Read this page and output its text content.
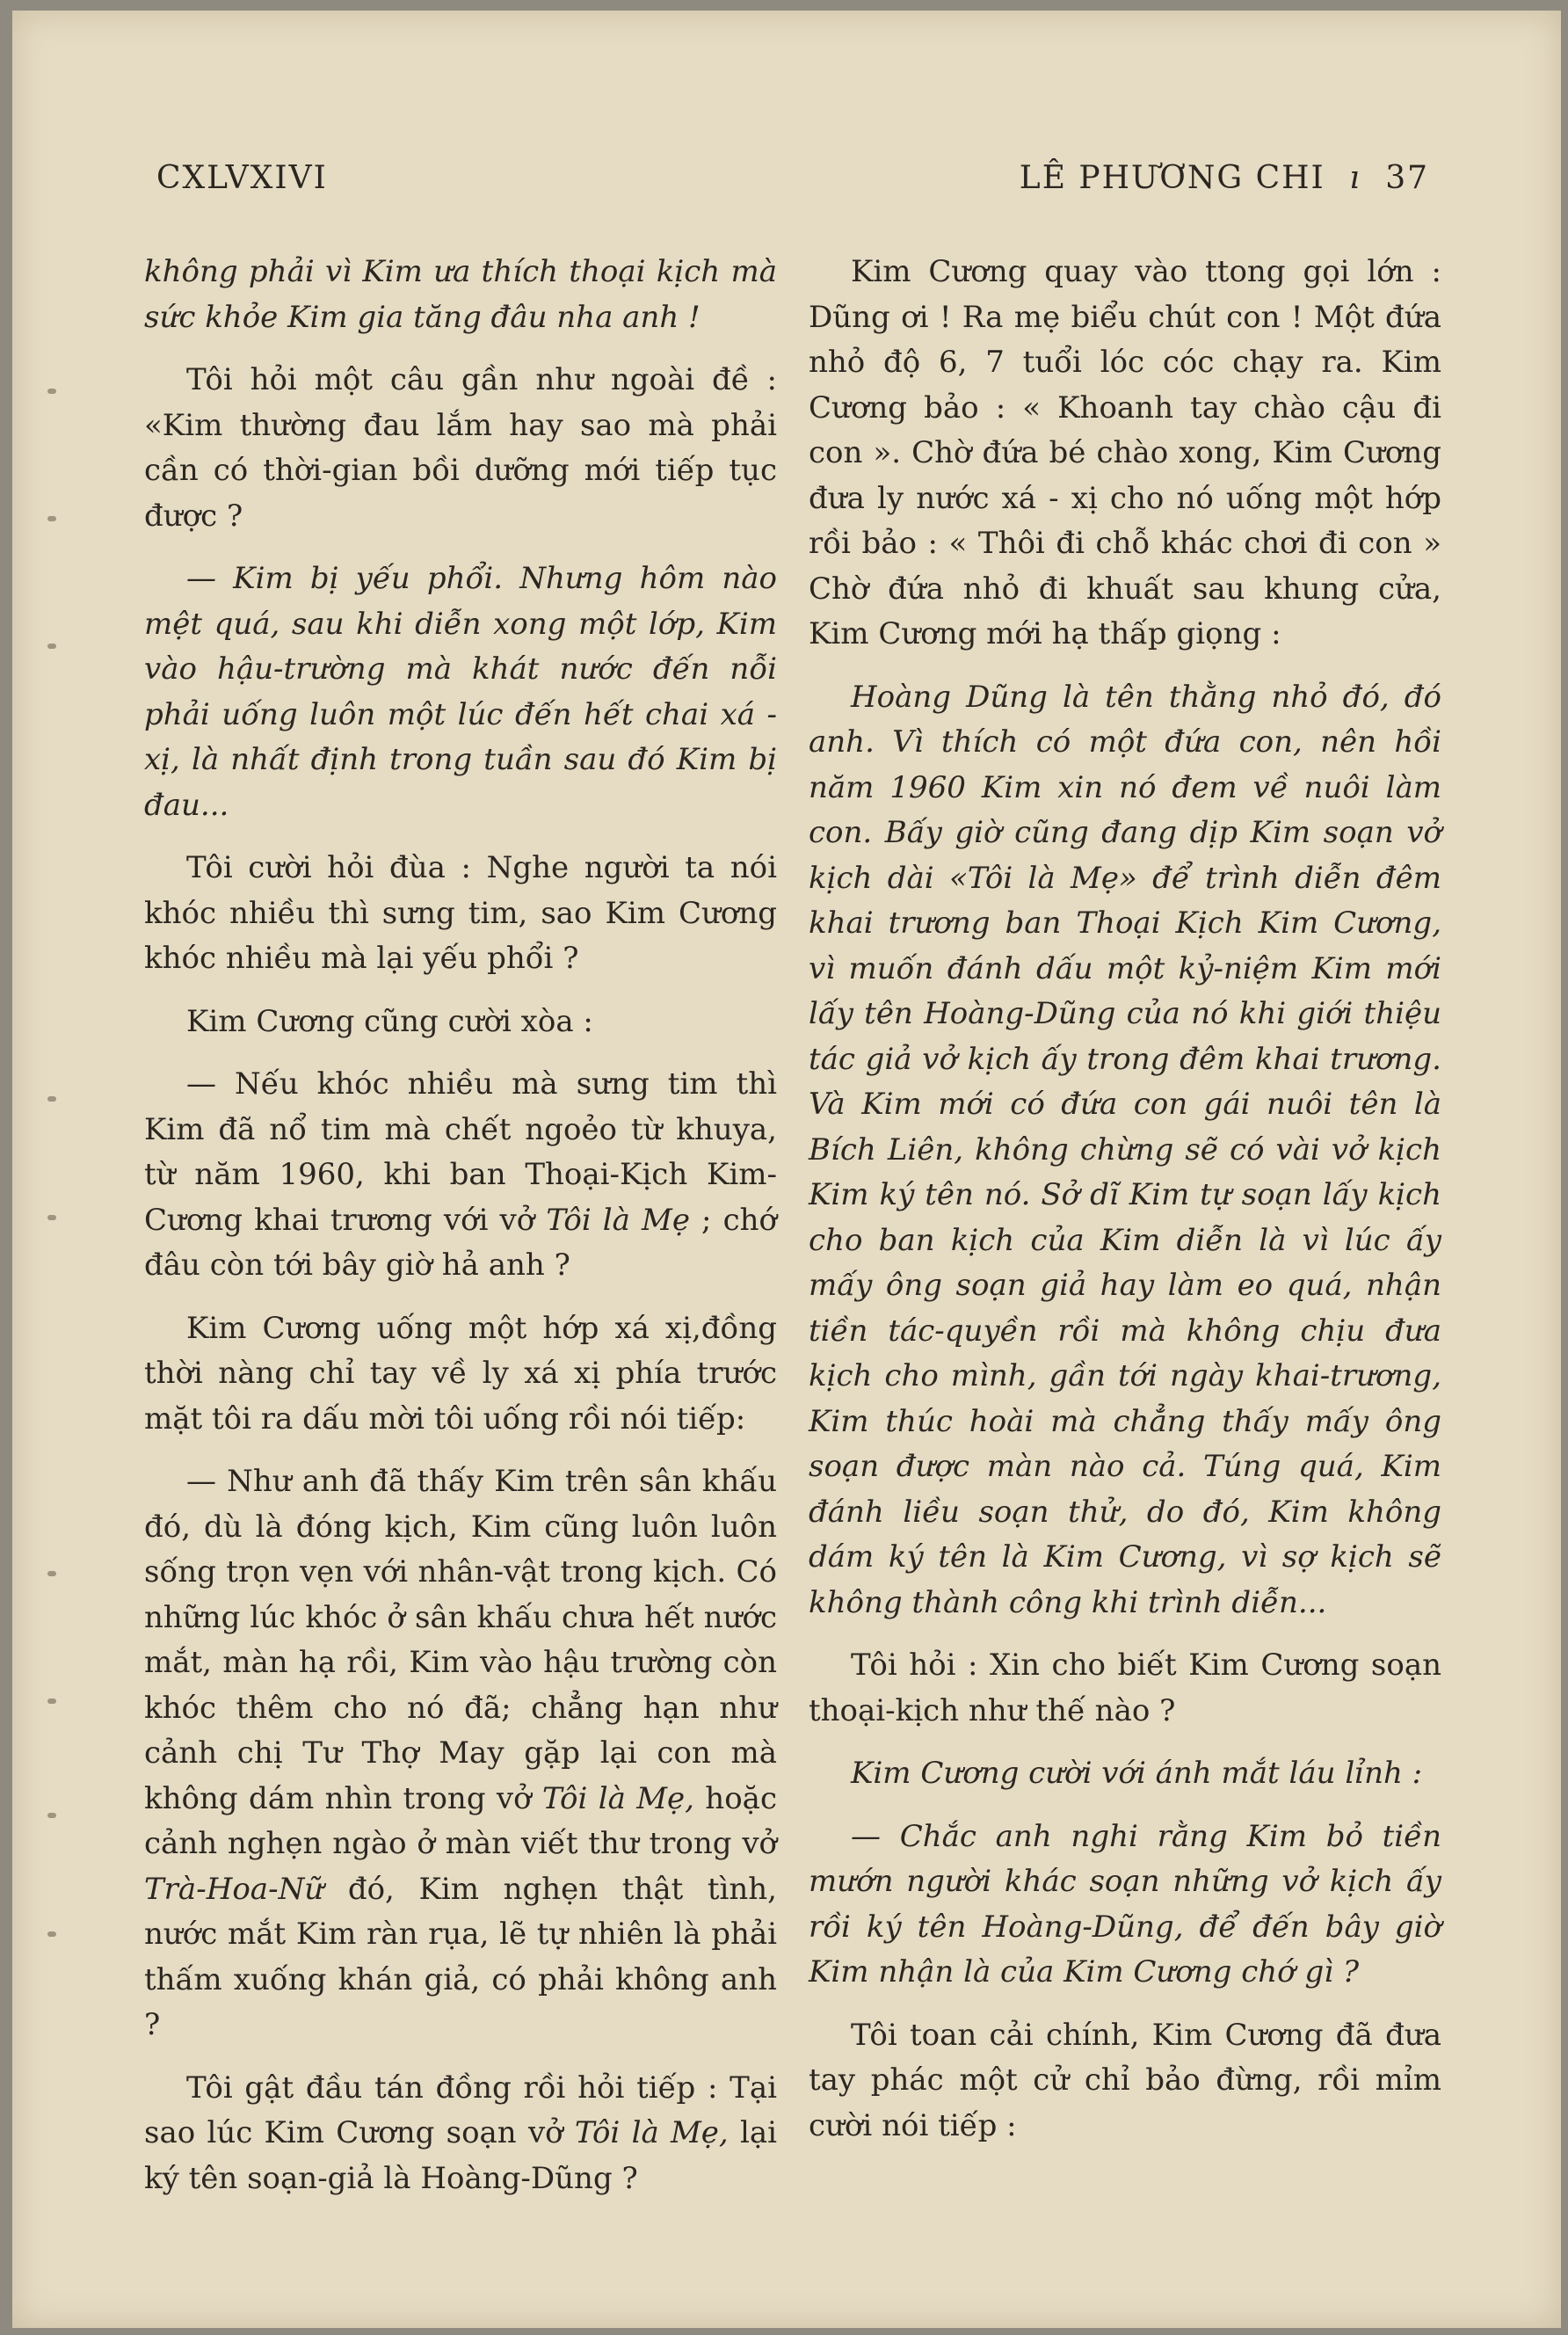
CXLVXIVI	LÊ PHƯƠNG CHI ı 37

không phải vì Kim ưa thích thoại kịch mà sức khỏe Kim gia tăng đâu nha anh !

Tôi hỏi một câu gần như ngoài đề : «Kim thường đau lắm hay sao mà phải cần có thời-gian bồi dưỡng mới tiếp tục được ?

— Kim bị yếu phổi. Nhưng hôm nào mệt quá, sau khi diễn xong một lớp, Kim vào hậu-trường mà khát nước đến nỗi phải uống luôn một lúc đến hết chai xá - xị, là nhất định trong tuần sau đó Kim bị đau...

Tôi cười hỏi đùa : Nghe người ta nói khóc nhiều thì sưng tim, sao Kim Cương khóc nhiều mà lại yếu phổi ?

Kim Cương cũng cười xòa :

— Nếu khóc nhiều mà sưng tim thì Kim đã nổ tim mà chết ngoẻo từ khuya, từ năm 1960, khi ban Thoại-Kịch Kim-Cương khai trương với vở Tôi là Mẹ ; chớ đâu còn tới bây giờ hả anh ?

Kim Cương uống một hớp xá xị,đồng thời nàng chỉ tay về ly xá xị phía trước mặt tôi ra dấu mời tôi uống rồi nói tiếp:

— Như anh đã thấy Kim trên sân khấu đó, dù là đóng kịch, Kim cũng luôn luôn sống trọn vẹn với nhân-vật trong kịch. Có những lúc khóc ở sân khấu chưa hết nước mắt, màn hạ rồi, Kim vào hậu trường còn khóc thêm cho nó đã; chẳng hạn như cảnh chị Tư Thợ May gặp lại con mà không dám nhìn trong vở Tôi là Mẹ, hoặc cảnh nghẹn ngào ở màn viết thư trong vở Trà-Hoa-Nữ đó, Kim nghẹn thật tình, nước mắt Kim ràn rụa, lẽ tự nhiên là phải thấm xuống khán giả, có phải không anh ?

Tôi gật đầu tán đồng rồi hỏi tiếp : Tại sao lúc Kim Cương soạn vở Tôi là Mẹ, lại ký tên soạn-giả là Hoàng-Dũng ?

Kim Cương quay vào ttong gọi lớn : Dũng ơi ! Ra mẹ biểu chút con ! Một đứa nhỏ độ 6, 7 tuổi lóc cóc chạy ra. Kim Cương bảo : « Khoanh tay chào cậu đi con ». Chờ đứa bé chào xong, Kim Cương đưa ly nước xá - xị cho nó uống một hớp rồi bảo : « Thôi đi chỗ khác chơi đi con » Chờ đứa nhỏ đi khuất sau khung cửa, Kim Cương mới hạ thấp giọng :

Hoàng Dũng là tên thằng nhỏ đó, đó anh. Vì thích có một đứa con, nên hồi năm 1960 Kim xin nó đem về nuôi làm con. Bấy giờ cũng đang dịp Kim soạn vở kịch dài «Tôi là Mẹ» để trình diễn đêm khai trương ban Thoại Kịch Kim Cương, vì muốn đánh dấu một kỷ-niệm Kim mới lấy tên Hoàng-Dũng của nó khi giới thiệu tác giả vở kịch ấy trong đêm khai trương. Và Kim mới có đứa con gái nuôi tên là Bích Liên, không chừng sẽ có vài vở kịch Kim ký tên nó. Sở dĩ Kim tự soạn lấy kịch cho ban kịch của Kim diễn là vì lúc ấy mấy ông soạn giả hay làm eo quá, nhận tiền tác-quyền rồi mà không chịu đưa kịch cho mình, gần tới ngày khai-trương, Kim thúc hoài mà chẳng thấy mấy ông soạn được màn nào cả. Túng quá, Kim đánh liều soạn thử, do đó, Kim không dám ký tên là Kim Cương, vì sợ kịch sẽ không thành công khi trình diễn...

Tôi hỏi : Xin cho biết Kim Cương soạn thoại-kịch như thế nào ?

Kim Cương cười với ánh mắt láu lỉnh :

— Chắc anh nghi rằng Kim bỏ tiền mướn người khác soạn những vở kịch ấy rồi ký tên Hoàng-Dũng, để đến bây giờ Kim nhận là của Kim Cương chớ gì ?

Tôi toan cải chính, Kim Cương đã đưa tay phác một cử chỉ bảo đừng, rồi mỉm cười nói tiếp :
